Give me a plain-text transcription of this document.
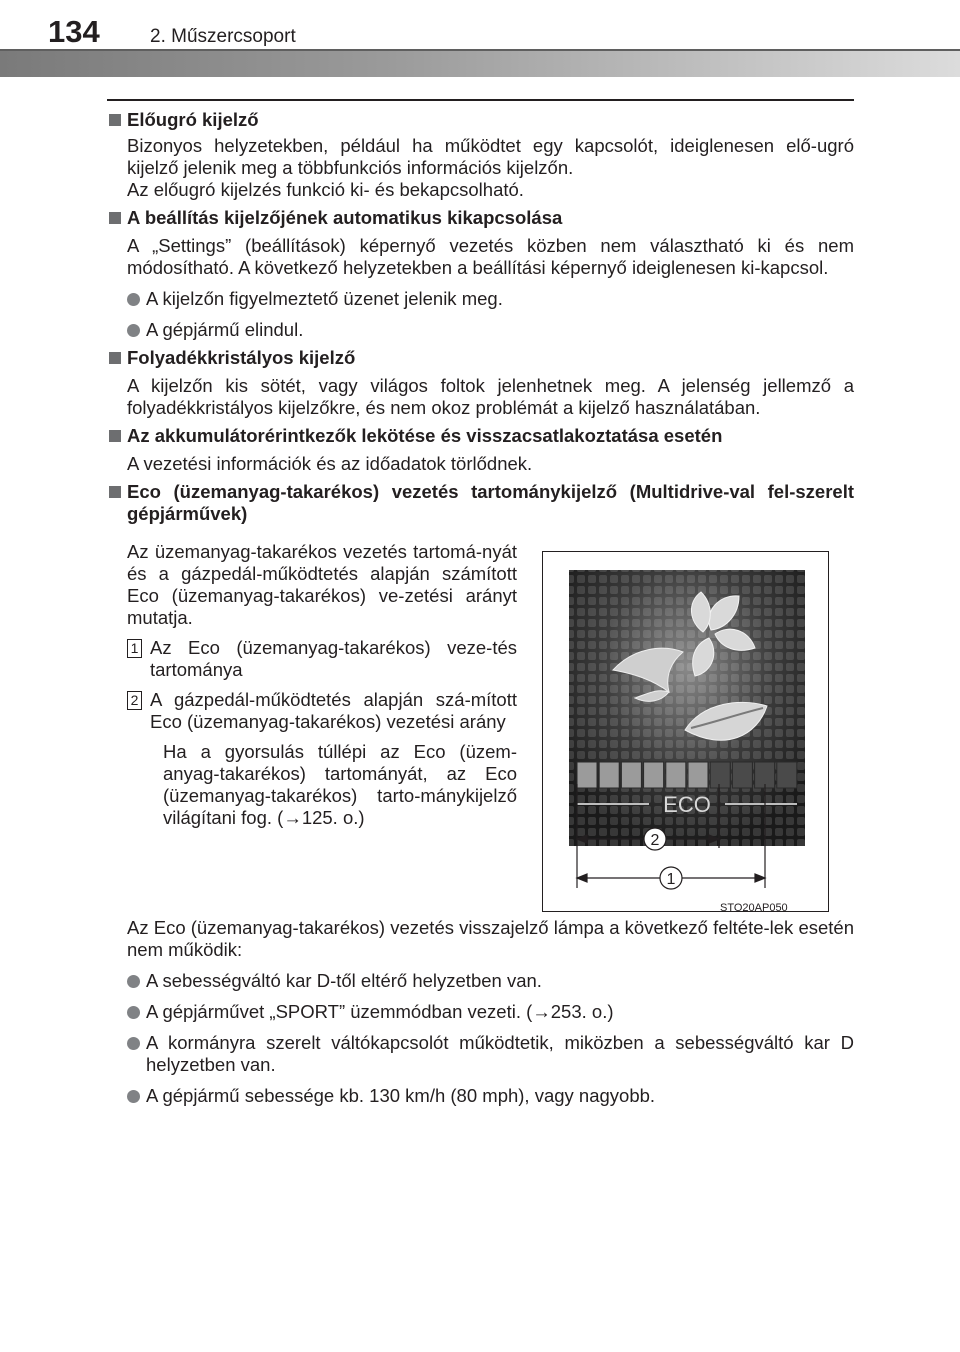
134	2. Műszercsoport
Előugró kijelző
Bizonyos helyzetekben, például ha működtet egy kapcsolót, ideiglenesen elő-ugró kijelző jelenik meg a többfunkciós információs kijelzőn.
Az előugró kijelzés funkció ki- és bekapcsolható.
A beállítás kijelzőjének automatikus kikapcsolása
A „Settings” (beállítások) képernyő vezetés közben nem választható ki és nem módosítható. A következő helyzetekben a beállítási képernyő ideiglenesen ki-kapcsol.
A kijelzőn figyelmeztető üzenet jelenik meg.
A gépjármű elindul.
Folyadékkristályos kijelző
A kijelzőn kis sötét, vagy világos foltok jelenhetnek meg. A jelenség jellemző a folyadékkristályos kijelzőkre, és nem okoz problémát a kijelző használatában.
Az akkumulátorérintkezők lekötése és visszacsatlakoztatása esetén
A vezetési információk és az időadatok törlődnek.
Eco (üzemanyag-takarékos) vezetés tartománykijelző (Multidrive-val fel-szerelt gépjárművek)
Az üzemanyag-takarékos vezetés tartomá-nyát és a gázpedál-működtetés alapján számított Eco (üzemanyag-takarékos) ve-zetési arányt mutatja.
1 Az Eco (üzemanyag-takarékos) veze-tés tartománya
2 A gázpedál-működtetés alapján szá-mított Eco (üzemanyag-takarékos) vezetési arány
Ha a gyorsulás túllépi az Eco (üzem-anyag-takarékos) tartományát, az Eco (üzemanyag-takarékos) tarto-mánykijelző világítani fog. (→125. o.)
ECO
2
1
STO20AP050
Az Eco (üzemanyag-takarékos) vezetés visszajelző lámpa a következő feltéte-lek esetén nem működik:
A sebességváltó kar D-től eltérő helyzetben van.
A gépjárművet „SPORT” üzemmódban vezeti. (→253. o.)
A kormányra szerelt váltókapcsolót működtetik, miközben a sebességváltó kar D helyzetben van.
A gépjármű sebessége kb. 130 km/h (80 mph), vagy nagyobb.
